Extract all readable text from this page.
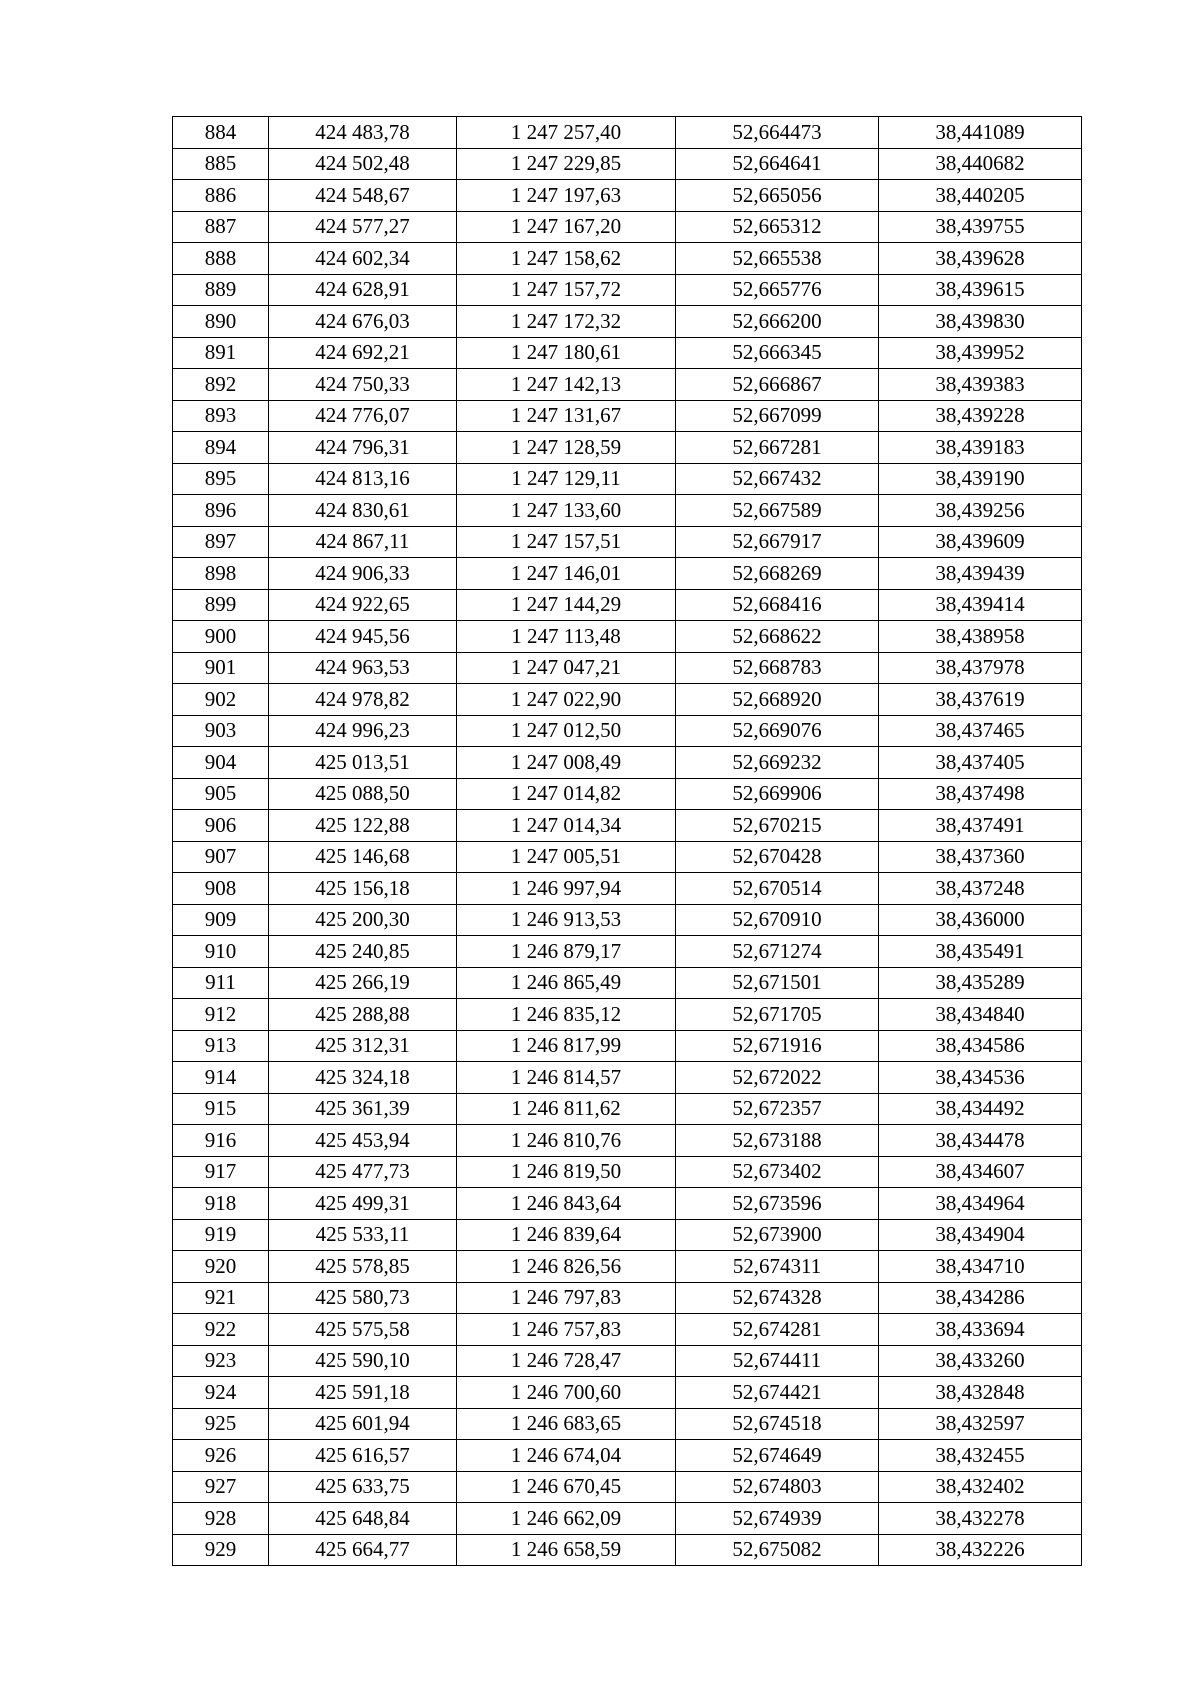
884	424 483,78	1 247 257,40	52,664473	38,441089
885	424 502,48	1 247 229,85	52,664641	38,440682
886	424 548,67	1 247 197,63	52,665056	38,440205
887	424 577,27	1 247 167,20	52,665312	38,439755
888	424 602,34	1 247 158,62	52,665538	38,439628
889	424 628,91	1 247 157,72	52,665776	38,439615
890	424 676,03	1 247 172,32	52,666200	38,439830
891	424 692,21	1 247 180,61	52,666345	38,439952
892	424 750,33	1 247 142,13	52,666867	38,439383
893	424 776,07	1 247 131,67	52,667099	38,439228
894	424 796,31	1 247 128,59	52,667281	38,439183
895	424 813,16	1 247 129,11	52,667432	38,439190
896	424 830,61	1 247 133,60	52,667589	38,439256
897	424 867,11	1 247 157,51	52,667917	38,439609
898	424 906,33	1 247 146,01	52,668269	38,439439
899	424 922,65	1 247 144,29	52,668416	38,439414
900	424 945,56	1 247 113,48	52,668622	38,438958
901	424 963,53	1 247 047,21	52,668783	38,437978
902	424 978,82	1 247 022,90	52,668920	38,437619
903	424 996,23	1 247 012,50	52,669076	38,437465
904	425 013,51	1 247 008,49	52,669232	38,437405
905	425 088,50	1 247 014,82	52,669906	38,437498
906	425 122,88	1 247 014,34	52,670215	38,437491
907	425 146,68	1 247 005,51	52,670428	38,437360
908	425 156,18	1 246 997,94	52,670514	38,437248
909	425 200,30	1 246 913,53	52,670910	38,436000
910	425 240,85	1 246 879,17	52,671274	38,435491
911	425 266,19	1 246 865,49	52,671501	38,435289
912	425 288,88	1 246 835,12	52,671705	38,434840
913	425 312,31	1 246 817,99	52,671916	38,434586
914	425 324,18	1 246 814,57	52,672022	38,434536
915	425 361,39	1 246 811,62	52,672357	38,434492
916	425 453,94	1 246 810,76	52,673188	38,434478
917	425 477,73	1 246 819,50	52,673402	38,434607
918	425 499,31	1 246 843,64	52,673596	38,434964
919	425 533,11	1 246 839,64	52,673900	38,434904
920	425 578,85	1 246 826,56	52,674311	38,434710
921	425 580,73	1 246 797,83	52,674328	38,434286
922	425 575,58	1 246 757,83	52,674281	38,433694
923	425 590,10	1 246 728,47	52,674411	38,433260
924	425 591,18	1 246 700,60	52,674421	38,432848
925	425 601,94	1 246 683,65	52,674518	38,432597
926	425 616,57	1 246 674,04	52,674649	38,432455
927	425 633,75	1 246 670,45	52,674803	38,432402
928	425 648,84	1 246 662,09	52,674939	38,432278
929	425 664,77	1 246 658,59	52,675082	38,432226
